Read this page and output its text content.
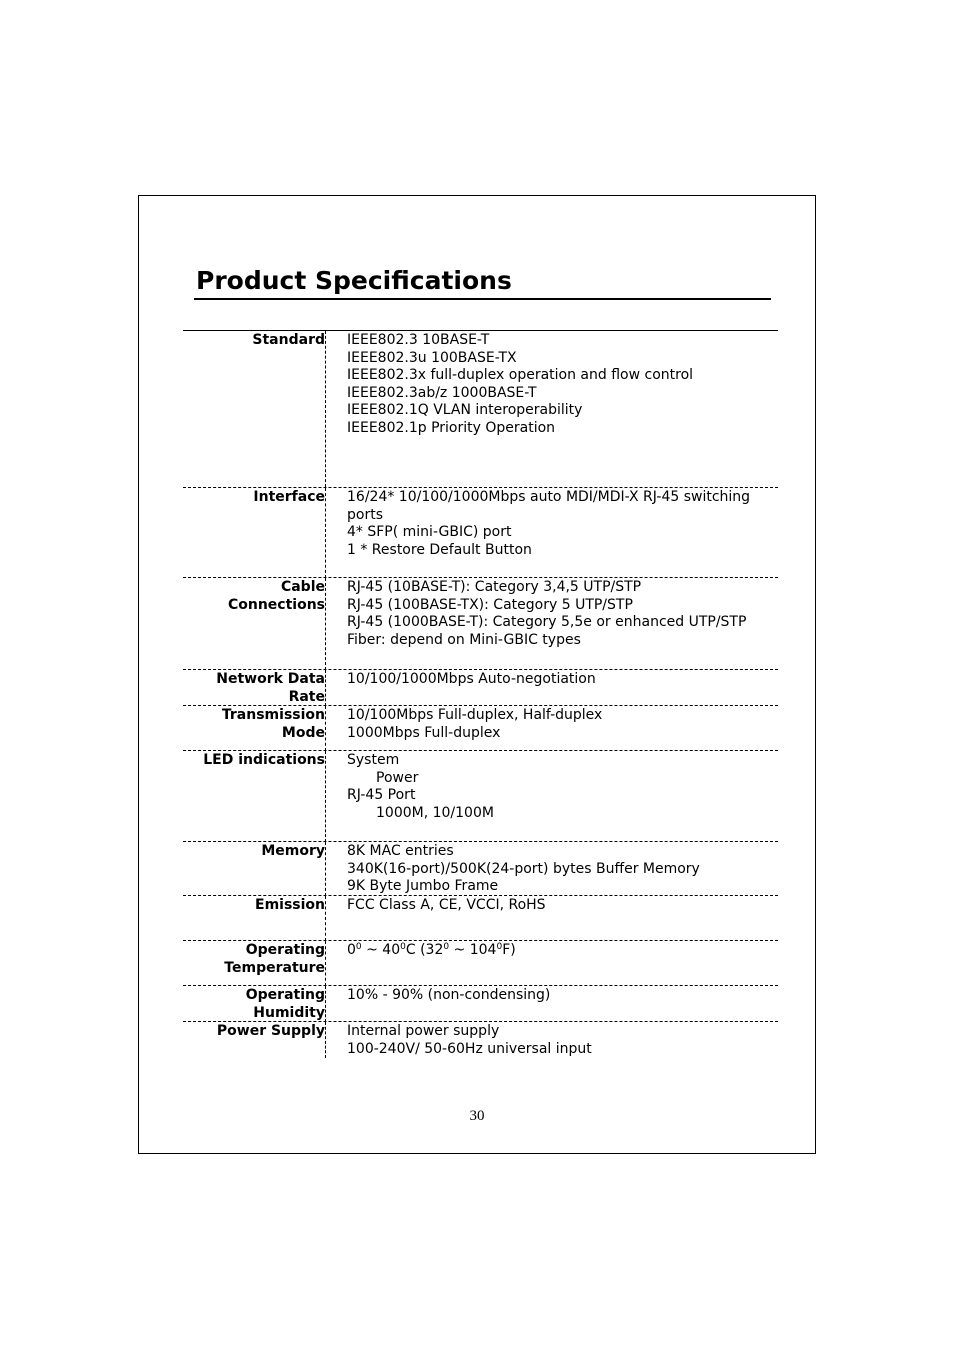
Product Specifications
Standard IEEE802.3 10BASE-T
IEEE802.3u 100BASE-TX
IEEE802.3x full-duplex operation and flow control
IEEE802.3ab/z 1000BASE-T
IEEE802.1Q VLAN interoperability
IEEE802.1p Priority Operation
Interface 16/24* 10/100/1000Mbps auto MDI/MDI-X RJ-45 switching ports
4* SFP( mini-GBIC) port
1 * Restore Default Button
Cable
Connections
RJ-45 (10BASE-T): Category 3,4,5 UTP/STP
RJ-45 (100BASE-TX): Category 5 UTP/STP
RJ-45 (1000BASE-T): Category 5,5e or enhanced UTP/STP
Fiber: depend on Mini-GBIC types
Network Data
Rate
10/100/1000Mbps Auto-negotiation
Transmission
Mode
10/100Mbps Full-duplex, Half-duplex
1000Mbps Full-duplex
LED indications System
Power
RJ-45 Port
1000M, 10/100M
Memory 8K MAC entries
340K(16-port)/500K(24-port) bytes Buffer Memory
9K Byte Jumbo Frame
Emission FCC Class A, CE, VCCI, RoHS
Operating
Temperature
$0^0$ ~ $40^0C$ ($32^0$ ~ $104^0F$)
Operating
Humidity
10% - 90% (non-condensing)
Power Supply Internal power supply
100-240V/ 50-60Hz universal input
30
